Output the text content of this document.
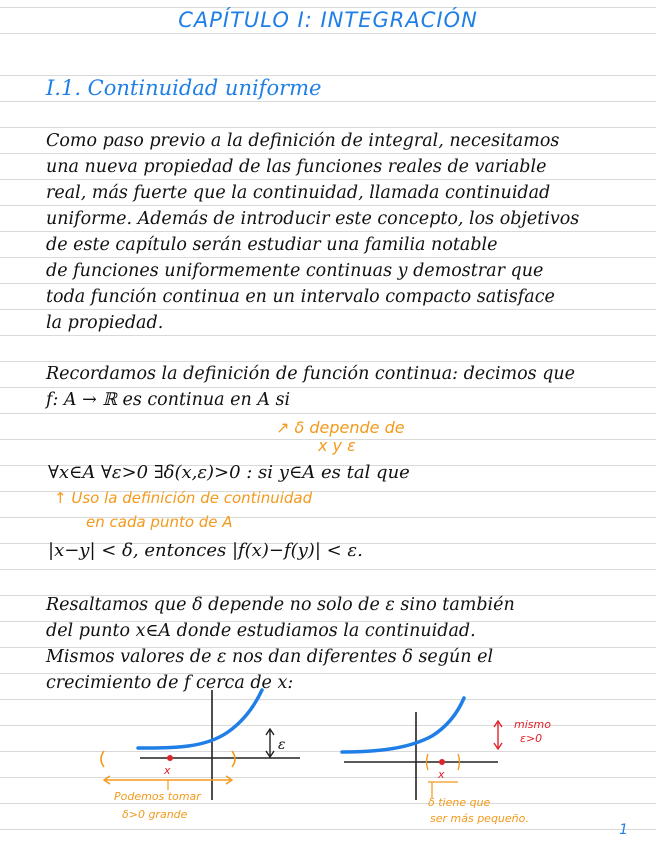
CAPÍTULO I: INTEGRACIÓN
I.1. Continuidad uniforme
Como paso previo a la definición de integral, necesitamos
una nueva propiedad de las funciones reales de variable
real, más fuerte que la continuidad, llamada continuidad
uniforme. Además de introducir este concepto, los objetivos
de este capítulo serán estudiar una familia notable
de funciones uniformemente continuas y demostrar que
toda función continua en un intervalo compacto satisface
la propiedad.
Recordamos la definición de función continua: decimos que
f: A → ℝ es continua en A si
↗ δ depende de
x y ε
∀x∈A ∀ε>0 ∃δ(x,ε)>0 : si y∈A es tal que
↑ Uso la definición de continuidad
en cada punto de A
|x−y| < δ, entonces |f(x)−f(y)| < ε.
Resaltamos que δ depende no solo de ε sino también
del punto x∈A donde estudiamos la continuidad.
Mismos valores de ε nos dan diferentes δ según el
crecimiento de f cerca de x:
ε
x
Podemos tomar
δ>0 grande
mismo
ε>0
x
δ tiene que
ser más pequeño.
1
